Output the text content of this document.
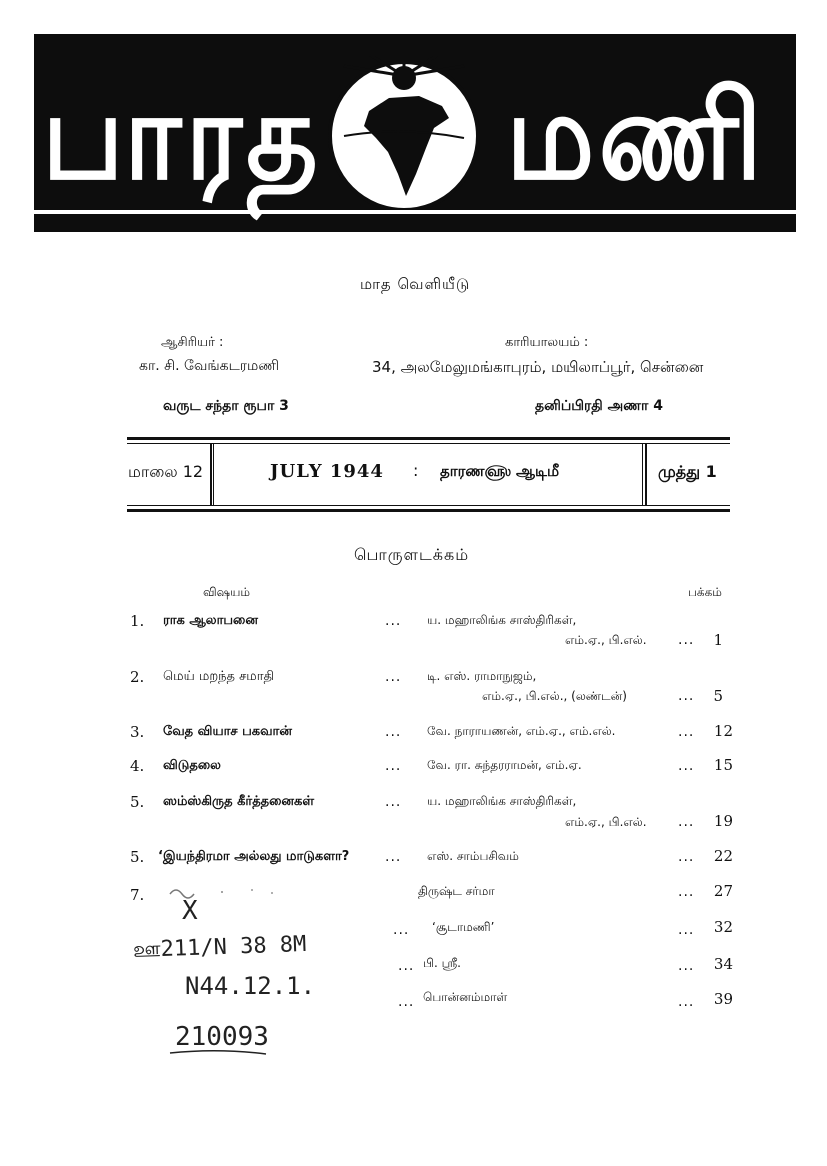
பாரத மணி
மாத வெளியீடு
ஆசிரியர் :
கா. சி. வேங்கடரமணி
காரியாலயம் :
34, அலமேலுமங்காபுரம், மயிலாப்பூர், சென்னை
வருட சந்தா ரூபா 3	தனிப்பிரதி அணா 4
மாலை 12	JULY 1944 : தாரண௵ ஆடிமீ	முத்து 1
பொருளடக்கம்
விஷயம்	பக்கம்
1. ராக ஆலாபனை	... ய. மஹாலிங்க சாஸ்திரிகள்,
எம்.ஏ., பி.எல். ...	1
2. மெய் மறந்த சமாதி	... டி. எஸ். ராமாநுஜம்,
எம்.ஏ., பி.எல்., (லண்டன்)	...	5
3. வேத வியாச பகவான்	... வே. நாராயணன், எம்.ஏ., எம்.எல்.	...	12
4. விடுதலை	... வே. ரா. சுந்தரராமன், எம்.ஏ.	...	15
5. ஸம்ஸ்கிருத கீர்த்தனைகள்	... ய. மஹாலிங்க சாஸ்திரிகள்,
எம்.ஏ., பி.எல். ...	19
5. ‘இயந்திரமா அல்லது மாடுகளா?	... எஸ். சாம்பசிவம்	...	22
7.	திருஷ்ட சர்மா	...	27
... ‘சூடாமணி’	...	32
... பி. ஸ்ரீ.	...	34
... பொன்னம்மாள்	...	39
X
ஊ211/N 38 8M
N44.12.1.
210093
